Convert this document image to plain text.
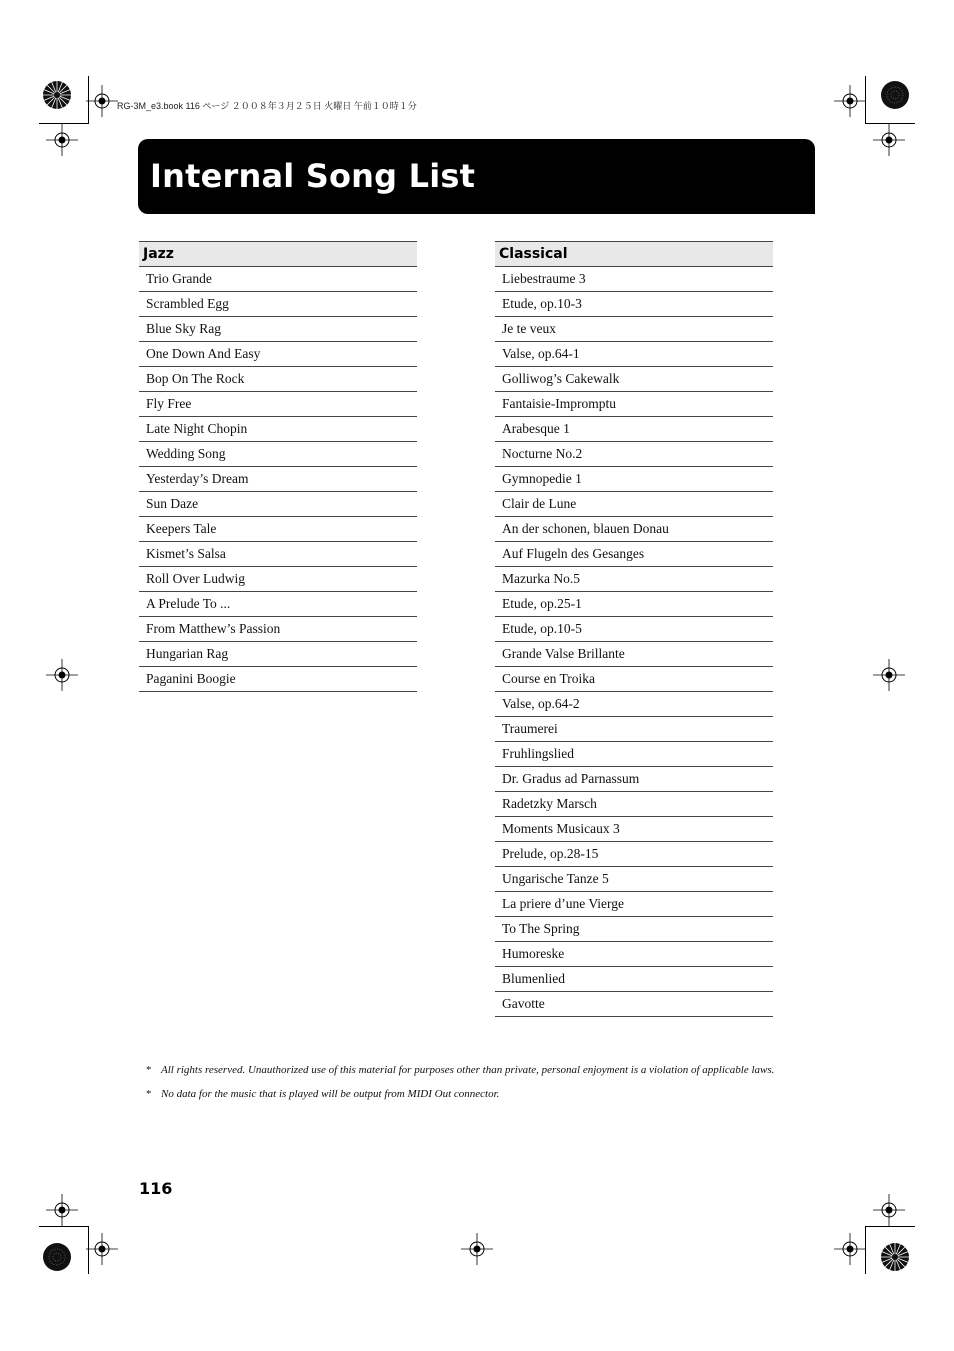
RG-3M_e3.book 116 ページ ２００８年３月２５日 火曜日 午前１０時１分
Internal Song List
Jazz
Trio Grande
Scrambled Egg
Blue Sky Rag
One Down And Easy
Bop On The Rock
Fly Free
Late Night Chopin
Wedding Song
Yesterday’s Dream
Sun Daze
Keepers Tale
Kismet’s Salsa
Roll Over Ludwig
A Prelude To ...
From Matthew’s Passion
Hungarian Rag
Paganini Boogie
Classical
Liebestraume 3
Etude, op.10-3
Je te veux
Valse, op.64-1
Golliwog’s Cakewalk
Fantaisie-Impromptu
Arabesque 1
Nocturne No.2
Gymnopedie 1
Clair de Lune
An der schonen, blauen Donau
Auf Flugeln des Gesanges
Mazurka No.5
Etude, op.25-1
Etude, op.10-5
Grande Valse Brillante
Course en Troika
Valse, op.64-2
Traumerei
Fruhlingslied
Dr. Gradus ad Parnassum
Radetzky Marsch
Moments Musicaux 3
Prelude, op.28-15
Ungarische Tanze 5
La priere d’une Vierge
To The Spring
Humoreske
Blumenlied
Gavotte
* All rights reserved. Unauthorized use of this material for purposes other than private, personal enjoyment is a violation of applicable laws.
* No data for the music that is played will be output from MIDI Out connector.
116
